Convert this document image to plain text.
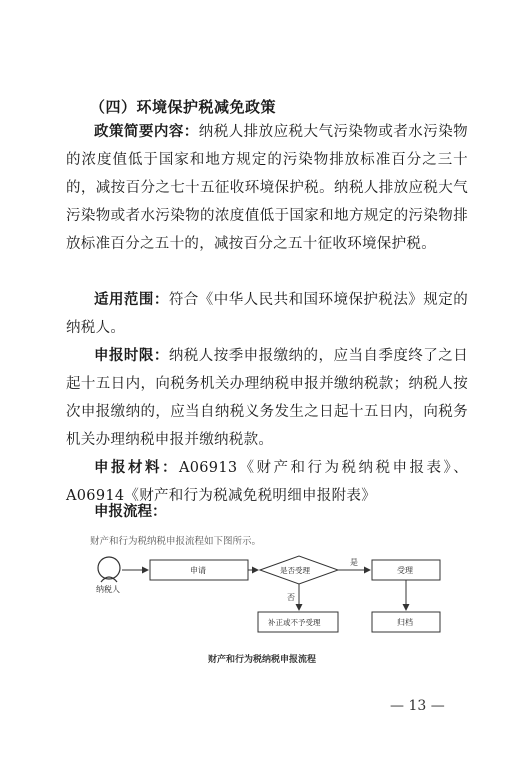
（四）环境保护税减免政策

政策简要内容：纳税人排放应税大气污染物或者水污染物的浓度值低于国家和地方规定的污染物排放标准百分之三十的，减按百分之七十五征收环境保护税。纳税人排放应税大气污染物或者水污染物的浓度值低于国家和地方规定的污染物排放标准百分之五十的，减按百分之五十征收环境保护税。

适用范围：符合《中华人民共和国环境保护税法》规定的纳税人。

申报时限：纳税人按季申报缴纳的，应当自季度终了之日起十五日内，向税务机关办理纳税申报并缴纳税款；纳税人按次申报缴纳的，应当自纳税义务发生之日起十五日内，向税务机关办理纳税申报并缴纳税款。

申报材料：A06913《财产和行为税纳税申报表》、A06914《财产和行为税减免税明细申报附表》

申报流程：

财产和行为税纳税申报流程如下图所示。

纳税人
申请	是否受理
是
受理
否
补正或不予受理	归档

财产和行为税纳税申报流程

— 13 —
